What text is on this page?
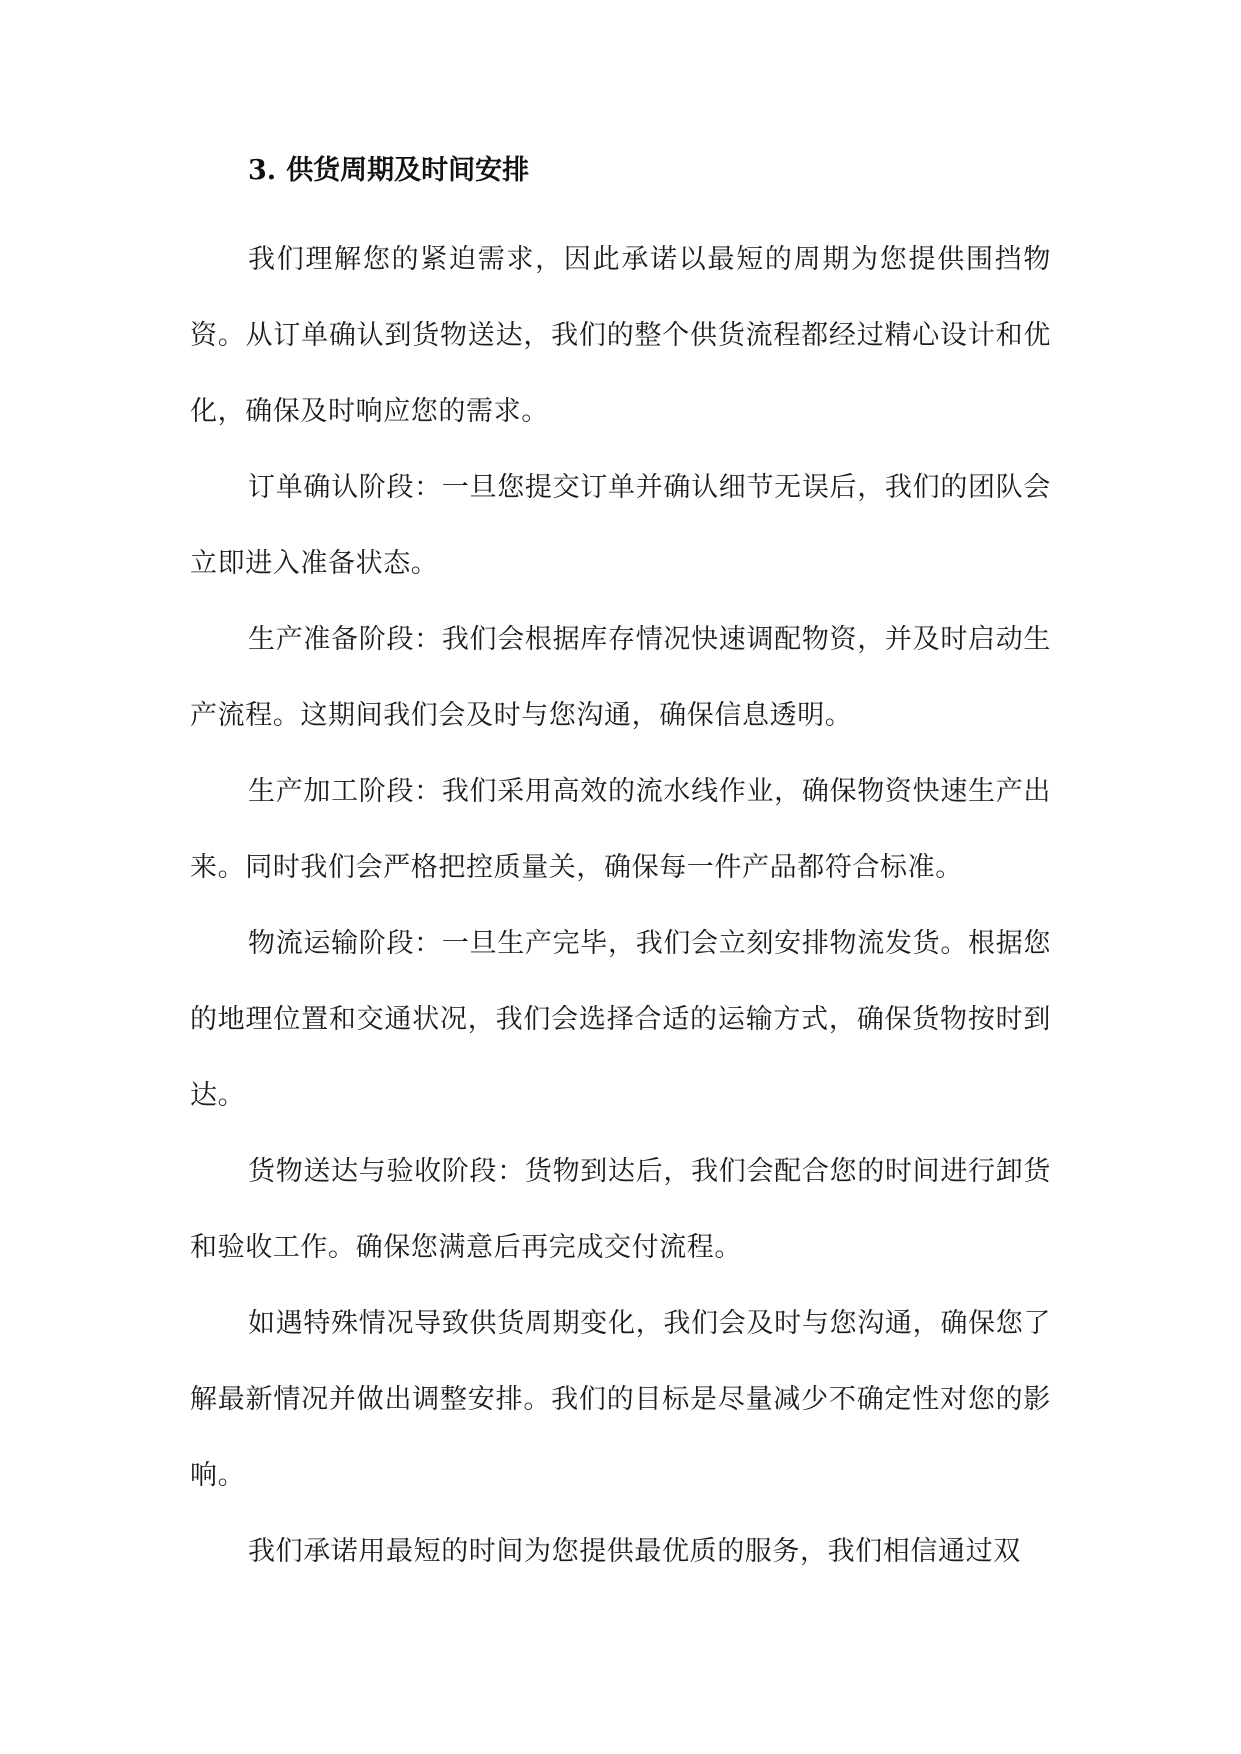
3. 供货周期及时间安排

我们理解您的紧迫需求，因此承诺以最短的周期为您提供围挡物资。从订单确认到货物送达，我们的整个供货流程都经过精心设计和优化，确保及时响应您的需求。

订单确认阶段：一旦您提交订单并确认细节无误后，我们的团队会立即进入准备状态。

生产准备阶段：我们会根据库存情况快速调配物资，并及时启动生产流程。这期间我们会及时与您沟通，确保信息透明。

生产加工阶段：我们采用高效的流水线作业，确保物资快速生产出来。同时我们会严格把控质量关，确保每一件产品都符合标准。

物流运输阶段：一旦生产完毕，我们会立刻安排物流发货。根据您的地理位置和交通状况，我们会选择合适的运输方式，确保货物按时到达。

货物送达与验收阶段：货物到达后，我们会配合您的时间进行卸货和验收工作。确保您满意后再完成交付流程。

如遇特殊情况导致供货周期变化，我们会及时与您沟通，确保您了解最新情况并做出调整安排。我们的目标是尽量减少不确定性对您的影响。

我们承诺用最短的时间为您提供最优质的服务，我们相信通过双
